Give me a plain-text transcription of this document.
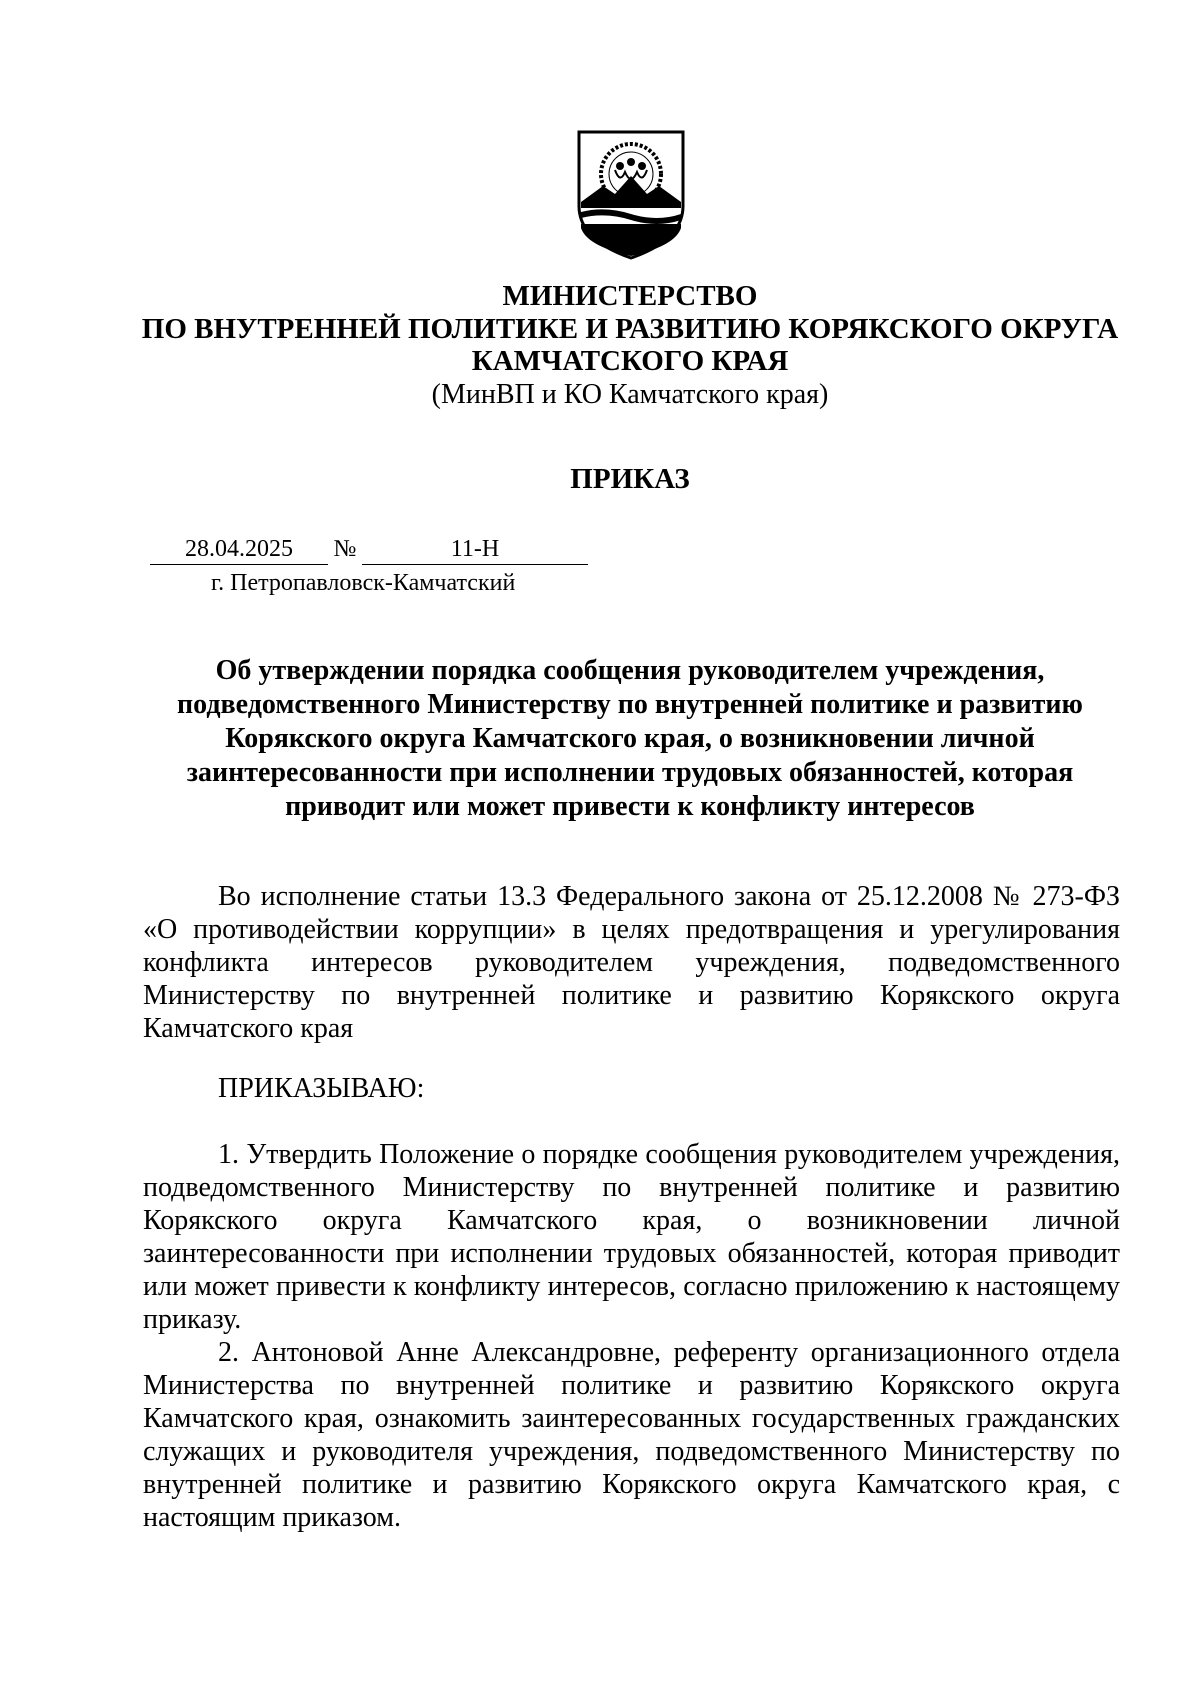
МИНИСТЕРСТВО
ПО ВНУТРЕННЕЙ ПОЛИТИКЕ И РАЗВИТИЮ КОРЯКСКОГО ОКРУГА
КАМЧАТСКОГО КРАЯ
(МинВП и КО Камчатского края)
ПРИКАЗ
28.04.2025 №	11-Н
г. Петропавловск-Камчатский
Об утверждении порядка сообщения руководителем учреждения, подведомственного Министерству по внутренней политике и развитию Корякского округа Камчатского края, о возникновении личной заинтересованности при исполнении трудовых обязанностей, которая приводит или может привести к конфликту интересов

Во исполнение статьи 13.3 Федерального закона от 25.12.2008 № 273-ФЗ «О противодействии коррупции» в целях предотвращения и урегулирования конфликта интересов руководителем учреждения, подведомственного Министерству по внутренней политике и развитию Корякского округа Камчатского края

ПРИКАЗЫВАЮ:

1. Утвердить Положение о порядке сообщения руководителем учреждения, подведомственного Министерству по внутренней политике и развитию Корякского округа Камчатского края, о возникновении личной заинтересованности при исполнении трудовых обязанностей, которая приводит или может привести к конфликту интересов, согласно приложению к настоящему приказу.

2. Антоновой Анне Александровне, референту организационного отдела Министерства по внутренней политике и развитию Корякского округа Камчатского края, ознакомить заинтересованных государственных гражданских служащих и руководителя учреждения, подведомственного Министерству по внутренней политике и развитию Корякского округа Камчатского края, с настоящим приказом.
